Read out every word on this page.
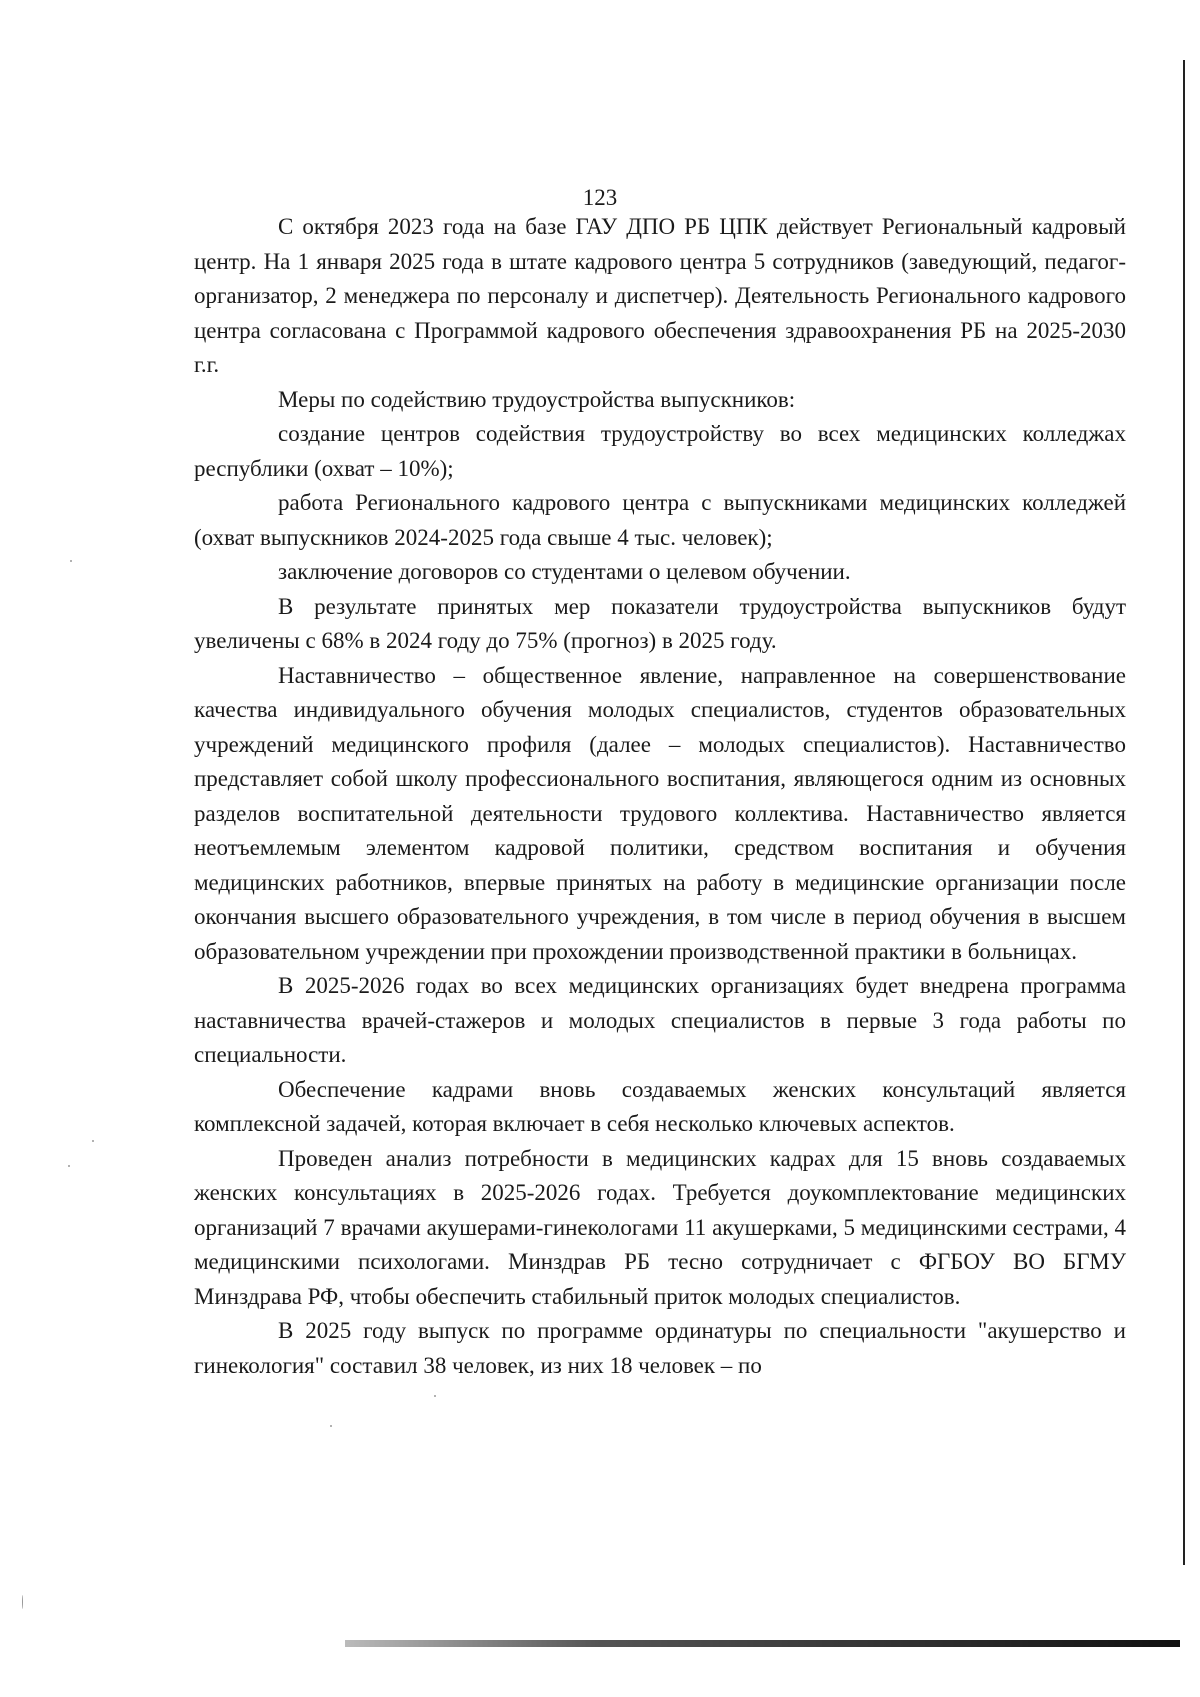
123

С октября 2023 года на базе ГАУ ДПО РБ ЦПК действует Региональный кадровый центр. На 1 января 2025 года в штате кадрового центра 5 сотрудников (заведующий, педагог-организатор, 2 менеджера по персоналу и диспетчер). Деятельность Регионального кадрового центра согласована с Программой кадрового обеспечения здравоохранения РБ на 2025-2030 г.г.

Меры по содействию трудоустройства выпускников:

создание центров содействия трудоустройству во всех медицинских колледжах республики (охват – 10%);

работа Регионального кадрового центра с выпускниками медицинских колледжей (охват выпускников 2024-2025 года свыше 4 тыс. человек);

заключение договоров со студентами о целевом обучении.

В результате принятых мер показатели трудоустройства выпускников будут увеличены с 68% в 2024 году до 75% (прогноз) в 2025 году.

Наставничество – общественное явление, направленное на совершенствование качества индивидуального обучения молодых специалистов, студентов образовательных учреждений медицинского профиля (далее – молодых специалистов). Наставничество представляет собой школу профессионального воспитания, являющегося одним из основных разделов воспитательной деятельности трудового коллектива. Наставничество является неотъемлемым элементом кадровой политики, средством воспитания и обучения медицинских работников, впервые принятых на работу в медицинские организации после окончания высшего образовательного учреждения, в том числе в период обучения в высшем образовательном учреждении при прохождении производственной практики в больницах.

В 2025-2026 годах во всех медицинских организациях будет внедрена программа наставничества врачей-стажеров и молодых специалистов в первые 3 года работы по специальности.

Обеспечение кадрами вновь создаваемых женских консультаций является комплексной задачей, которая включает в себя несколько ключевых аспектов.

Проведен анализ потребности в медицинских кадрах для 15 вновь создаваемых женских консультациях в 2025-2026 годах. Требуется доукомплектование медицинских организаций 7 врачами акушерами-гинекологами 11 акушерками, 5 медицинскими сестрами, 4 медицинскими психологами. Минздрав РБ тесно сотрудничает с ФГБОУ ВО БГМУ Минздрава РФ, чтобы обеспечить стабильный приток молодых специалистов.

В 2025 году выпуск по программе ординатуры по специальности "акушерство и гинекология" составил 38 человек, из них 18 человек – по
